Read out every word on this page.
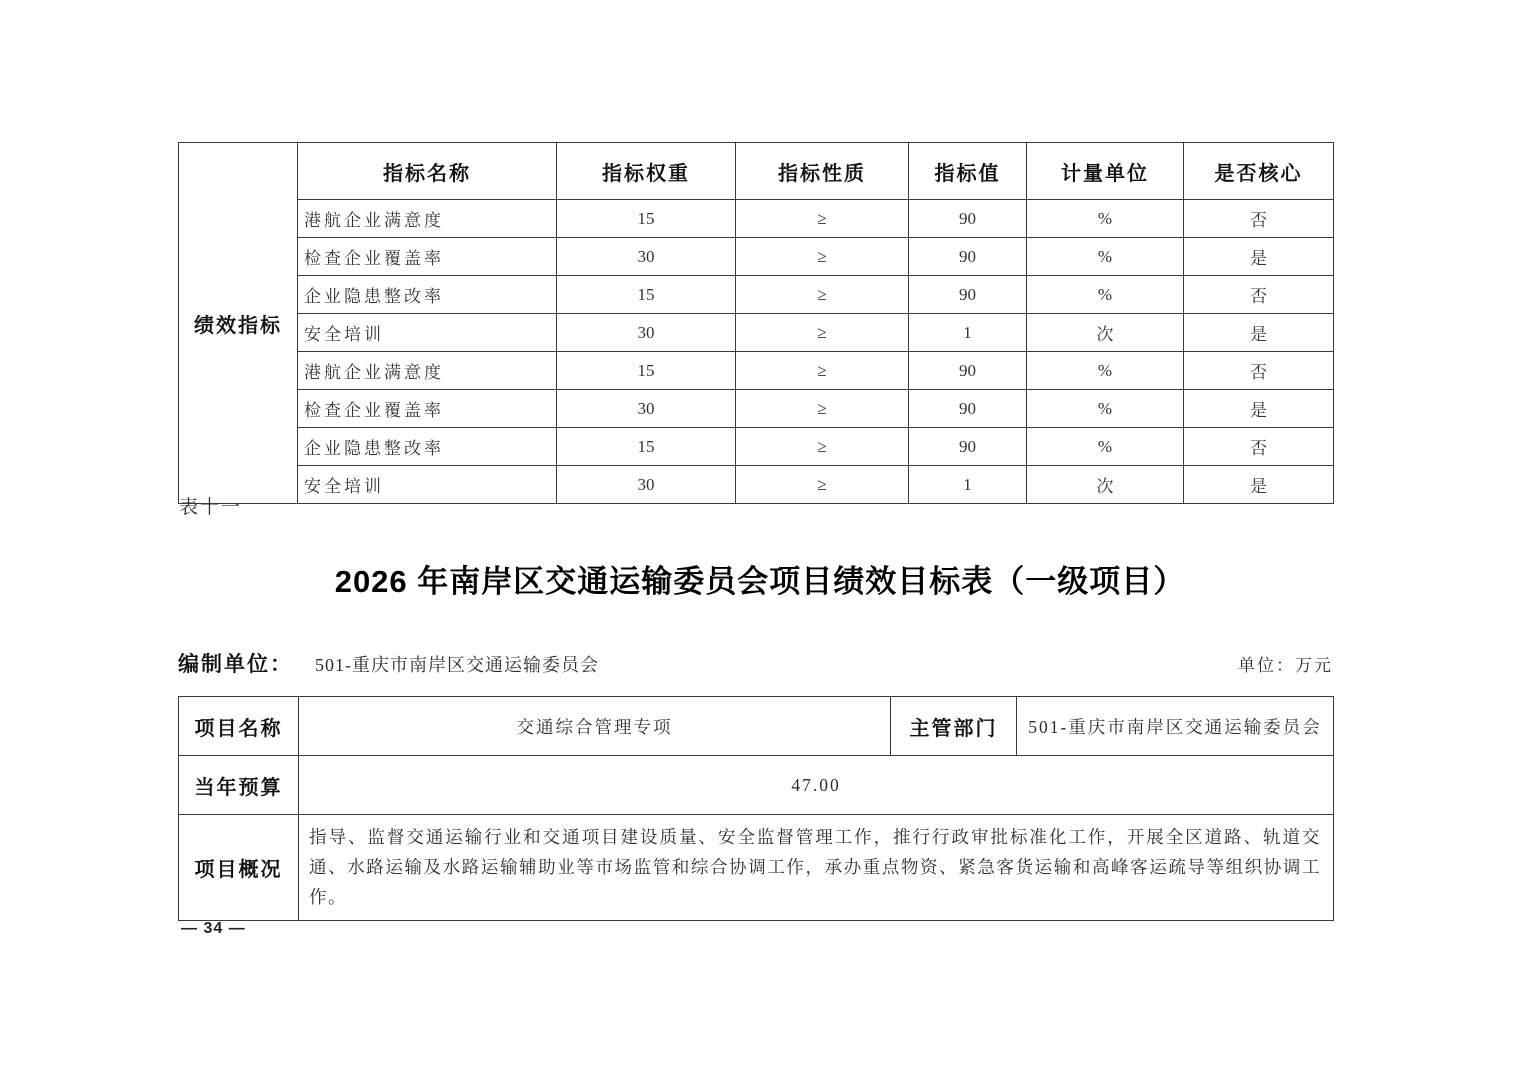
绩效指标	指标名称	指标权重	指标性质	指标值	计量单位	是否核心
	港航企业满意度	15	≥	90	%	否
	检查企业覆盖率	30	≥	90	%	是
	企业隐患整改率	15	≥	90	%	否
	安全培训	30	≥	1	次	是
	港航企业满意度	15	≥	90	%	否
	检查企业覆盖率	30	≥	90	%	是
	企业隐患整改率	15	≥	90	%	否
	安全培训	30	≥	1	次	是
表十一
2026 年南岸区交通运输委员会项目绩效目标表（一级项目）
编制单位： 501-重庆市南岸区交通运输委员会	单位：万元
项目名称	交通综合管理专项	主管部门	501-重庆市南岸区交通运输委员会
当年预算	47.00		
项目概况	指导、监督交通运输行业和交通项目建设质量、安全监督管理工作，推行行政审批标准化工作，开展全区道路、轨道交通、水路运输及水路运输辅助业等市场监管和综合协调工作，承办重点物资、紧急客货运输和高峰客运疏导等组织协调工作。		
— 34 —
